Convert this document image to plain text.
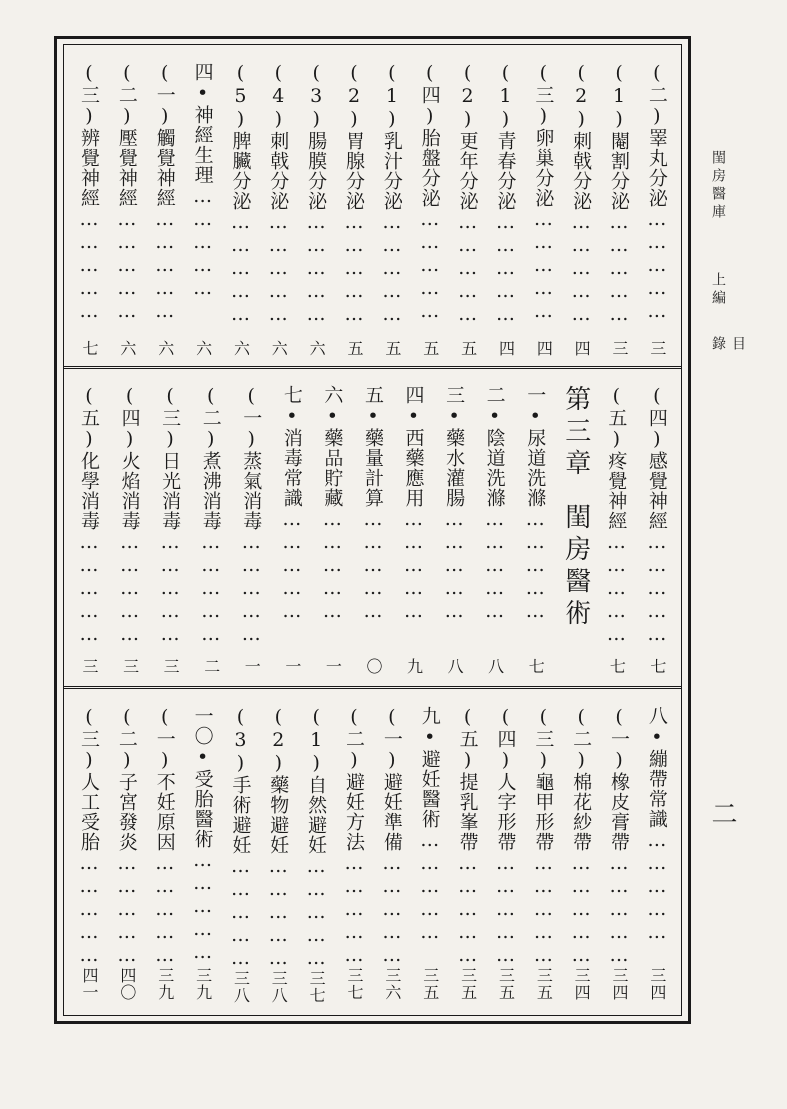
(二)睪丸分泌……………
三
(1)閹割分泌……………
三
(2)刺戟分泌……………
四
(三)卵巢分泌……………
四
(1)青春分泌……………
四
(2)更年分泌……………
五
(四)胎盤分泌……………
五
(1)乳汁分泌……………
五
(2)胃腺分泌……………
五
(3)腸膜分泌……………
六
(4)刺戟分泌……………
六
(5)脾臟分泌……………
六
四•神經生理……………
六
(一)觸覺神經……………
六
(二)壓覺神經……………
六
(三)辨覺神經……………
七
(四)感覺神經……………
七
(五)疼覺神經……………
七
第三章
閨房醫術
一•尿道洗滌……………
七
二•陰道洗滌……………
八
三•藥水灌腸……………
八
四•西藥應用……………
九
五•藥量計算……………
〇
六•藥品貯藏……………
一
七•消毒常識……………
一
(一)蒸氣消毒……………
一
(二)煮沸消毒……………
二
(三)日光消毒……………
三
(四)火焰消毒……………
三
(五)化學消毒……………
三
八•繃帶常識……………
三四
(一)橡皮膏帶……………
三四
(二)棉花紗帶……………
三四
(三)龜甲形帶……………
三五
(四)人字形帶……………
三五
(五)提乳峯帶……………
三五
九•避妊醫術……………
三五
(一)避妊準備……………
三六
(二)避妊方法……………
三七
(1)自然避妊……………
三七
(2)藥物避妊……………
三八
(3)手術避妊……………
三八
一〇•受胎醫術……………
三九
(一)不妊原因……………
三九
(二)子宮發炎……………
四〇
(三)人工受胎……………
四一
閨房醫庫
上編
目錄
二
